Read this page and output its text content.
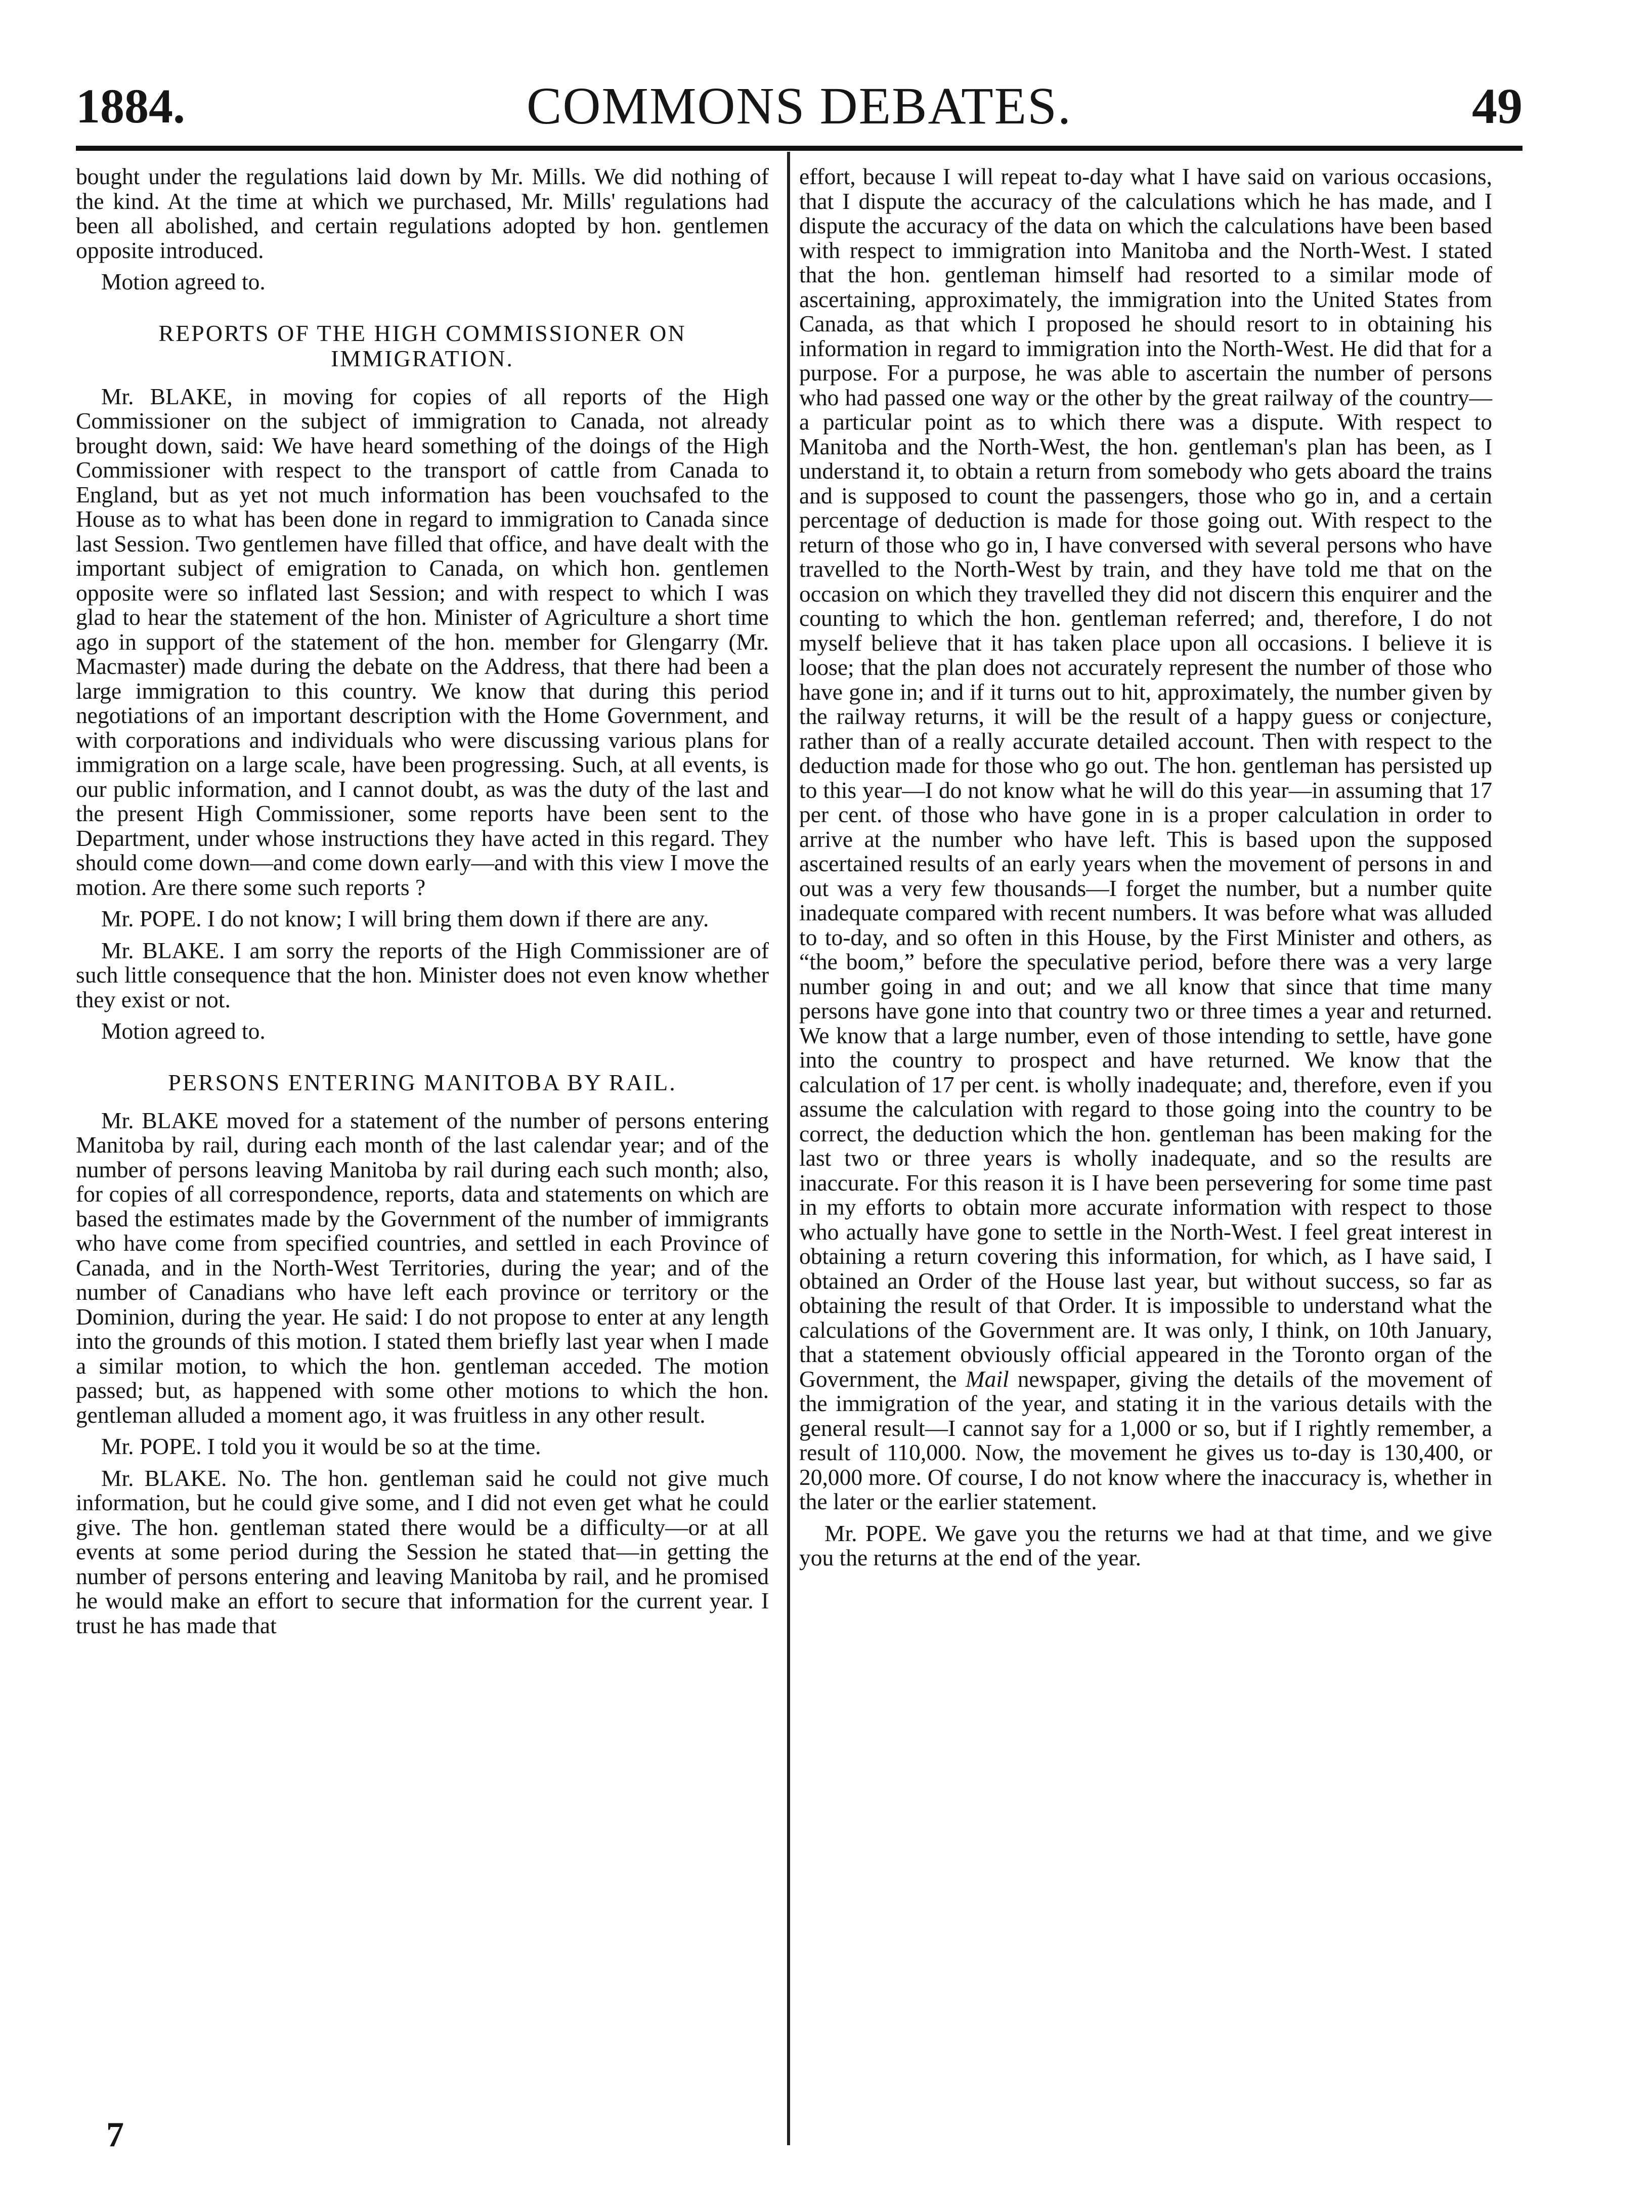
COMMONS DEBATES.
1884.	49

bought under the regulations laid down by Mr. Mills. We did nothing of the kind. At the time at which we purchased, Mr. Mills' regulations had been all abolished, and certain regulations adopted by hon. gentlemen opposite introduced.

Motion agreed to.

REPORTS OF THE HIGH COMMISSIONER ON IMMIGRATION.

Mr. BLAKE, in moving for copies of all reports of the High Commissioner on the subject of immigration to Canada, not already brought down, said: We have heard something of the doings of the High Commissioner with respect to the transport of cattle from Canada to England, but as yet not much information has been vouchsafed to the House as to what has been done in regard to immigration to Canada since last Session. Two gentlemen have filled that office, and have dealt with the important subject of emigration to Canada, on which hon. gentlemen opposite were so inflated last Session; and with respect to which I was glad to hear the statement of the hon. Minister of Agriculture a short time ago in support of the statement of the hon. member for Glengarry (Mr. Macmaster) made during the debate on the Address, that there had been a large immigration to this country. We know that during this period negotiations of an important description with the Home Government, and with corporations and individuals who were discussing various plans for immigration on a large scale, have been progressing. Such, at all events, is our public information, and I cannot doubt, as was the duty of the last and the present High Commissioner, some reports have been sent to the Department, under whose instructions they have acted in this regard. They should come down—and come down early—and with this view I move the motion. Are there some such reports ?

Mr. POPE. I do not know; I will bring them down if there are any.

Mr. BLAKE. I am sorry the reports of the High Commissioner are of such little consequence that the hon. Minister does not even know whether they exist or not.

Motion agreed to.

PERSONS ENTERING MANITOBA BY RAIL.

Mr. BLAKE moved for a statement of the number of persons entering Manitoba by rail, during each month of the last calendar year; and of the number of persons leaving Manitoba by rail during each such month; also, for copies of all correspondence, reports, data and statements on which are based the estimates made by the Government of the number of immigrants who have come from specified countries, and settled in each Province of Canada, and in the North-West Territories, during the year; and of the number of Canadians who have left each province or territory or the Dominion, during the year. He said: I do not propose to enter at any length into the grounds of this motion. I stated them briefly last year when I made a similar motion, to which the hon. gentleman acceded. The motion passed; but, as happened with some other motions to which the hon. gentleman alluded a moment ago, it was fruitless in any other result.

Mr. POPE. I told you it would be so at the time.

Mr. BLAKE. No. The hon. gentleman said he could not give much information, but he could give some, and I did not even get what he could give. The hon. gentleman stated there would be a difficulty—or at all events at some period during the Session he stated that—in getting the number of persons entering and leaving Manitoba by rail, and he promised he would make an effort to secure that information for the current year. I trust he has made that

effort, because I will repeat to-day what I have said on various occasions, that I dispute the accuracy of the calculations which he has made, and I dispute the accuracy of the data on which the calculations have been based with respect to immigration into Manitoba and the North-West. I stated that the hon. gentleman himself had resorted to a similar mode of ascertaining, approximately, the immigration into the United States from Canada, as that which I proposed he should resort to in obtaining his information in regard to immigration into the North-West. He did that for a purpose. For a purpose, he was able to ascertain the number of persons who had passed one way or the other by the great railway of the country—a particular point as to which there was a dispute. With respect to Manitoba and the North-West, the hon. gentleman's plan has been, as I understand it, to obtain a return from somebody who gets aboard the trains and is supposed to count the passengers, those who go in, and a certain percentage of deduction is made for those going out. With respect to the return of those who go in, I have conversed with several persons who have travelled to the North-West by train, and they have told me that on the occasion on which they travelled they did not discern this enquirer and the counting to which the hon. gentleman referred; and, therefore, I do not myself believe that it has taken place upon all occasions. I believe it is loose; that the plan does not accurately represent the number of those who have gone in; and if it turns out to hit, approximately, the number given by the railway returns, it will be the result of a happy guess or conjecture, rather than of a really accurate detailed account. Then with respect to the deduction made for those who go out. The hon. gentleman has persisted up to this year—I do not know what he will do this year—in assuming that 17 per cent. of those who have gone in is a proper calculation in order to arrive at the number who have left. This is based upon the supposed ascertained results of an early years when the movement of persons in and out was a very few thousands—I forget the number, but a number quite inadequate compared with recent numbers. It was before what was alluded to to-day, and so often in this House, by the First Minister and others, as “the boom,” before the speculative period, before there was a very large number going in and out; and we all know that since that time many persons have gone into that country two or three times a year and returned. We know that a large number, even of those intending to settle, have gone into the country to prospect and have returned. We know that the calculation of 17 per cent. is wholly inadequate; and, therefore, even if you assume the calculation with regard to those going into the country to be correct, the deduction which the hon. gentleman has been making for the last two or three years is wholly inadequate, and so the results are inaccurate. For this reason it is I have been persevering for some time past in my efforts to obtain more accurate information with respect to those who actually have gone to settle in the North-West. I feel great interest in obtaining a return covering this information, for which, as I have said, I obtained an Order of the House last year, but without success, so far as obtaining the result of that Order. It is impossible to understand what the calculations of the Government are. It was only, I think, on 10th January, that a statement obviously official appeared in the Toronto organ of the Government, the Mail newspaper, giving the details of the movement of the immigration of the year, and stating it in the various details with the general result—I cannot say for a 1,000 or so, but if I rightly remember, a result of 110,000. Now, the movement he gives us to-day is 130,400, or 20,000 more. Of course, I do not know where the inaccuracy is, whether in the later or the earlier statement.

Mr. POPE. We gave you the returns we had at that time, and we give you the returns at the end of the year.

7
